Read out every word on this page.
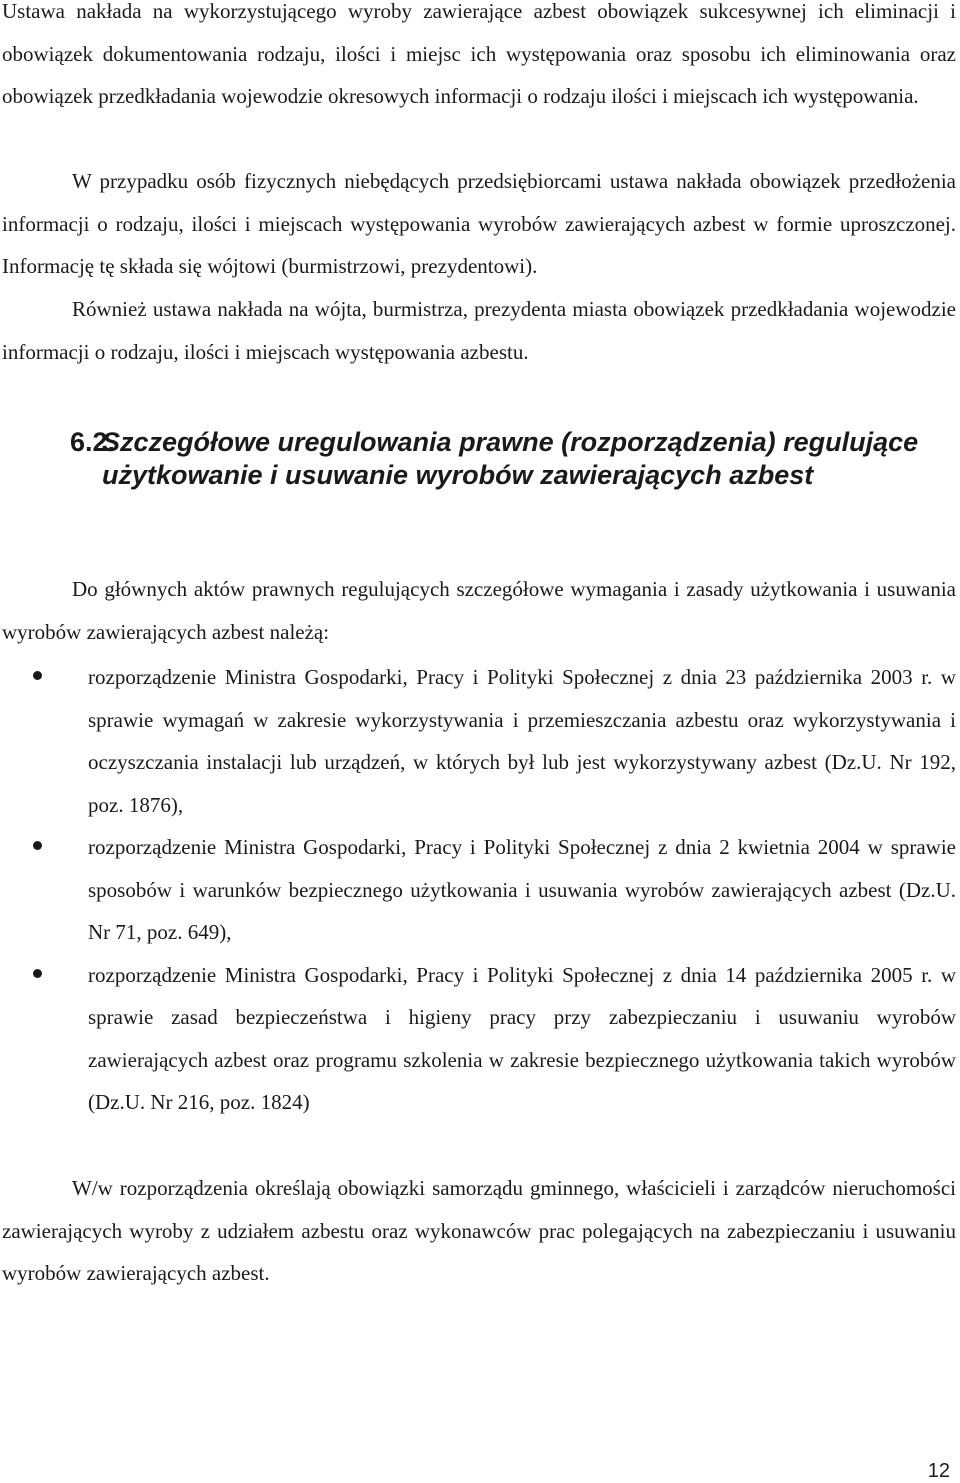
Ustawa nakłada na wykorzystującego wyroby zawierające azbest obowiązek sukcesywnej ich eliminacji i obowiązek dokumentowania rodzaju, ilości i miejsc ich występowania oraz sposobu ich eliminowania oraz obowiązek przedkładania wojewodzie okresowych informacji o rodzaju ilości i miejscach ich występowania.

W przypadku osób fizycznych niebędących przedsiębiorcami ustawa nakłada obowiązek przedłożenia informacji o rodzaju, ilości i miejscach występowania wyrobów zawierających azbest w formie uproszczonej. Informację tę składa się wójtowi (burmistrzowi, prezydentowi).

Również ustawa nakłada na wójta, burmistrza, prezydenta miasta obowiązek przedkładania wojewodzie informacji o rodzaju, ilości i miejscach występowania azbestu.

6.2.
Szczegółowe uregulowania prawne (rozporządzenia) regulujące użytkowanie i usuwanie wyrobów zawierających azbest

Do głównych aktów prawnych regulujących szczegółowe wymagania i zasady użytkowania i usuwania wyrobów zawierających azbest należą:

rozporządzenie Ministra Gospodarki, Pracy i Polityki Społecznej z dnia 23 października 2003 r. w sprawie wymagań w zakresie wykorzystywania i przemieszczania azbestu oraz wykorzystywania i oczyszczania instalacji lub urządzeń, w których był lub jest wykorzystywany azbest (Dz.U. Nr 192, poz. 1876),

rozporządzenie Ministra Gospodarki, Pracy i Polityki Społecznej z dnia 2 kwietnia 2004 w sprawie sposobów i warunków bezpiecznego użytkowania i usuwania wyrobów zawierających azbest (Dz.U. Nr 71, poz. 649),

rozporządzenie Ministra Gospodarki, Pracy i Polityki Społecznej z dnia 14 października 2005 r. w sprawie zasad bezpieczeństwa i higieny pracy przy zabezpieczaniu i usuwaniu wyrobów zawierających azbest oraz programu szkolenia w zakresie bezpiecznego użytkowania takich wyrobów (Dz.U. Nr 216, poz. 1824)

W/w rozporządzenia określają obowiązki samorządu gminnego, właścicieli i zarządców nieruchomości zawierających wyroby z udziałem azbestu oraz wykonawców prac polegających na zabezpieczaniu i usuwaniu wyrobów zawierających azbest.

12
